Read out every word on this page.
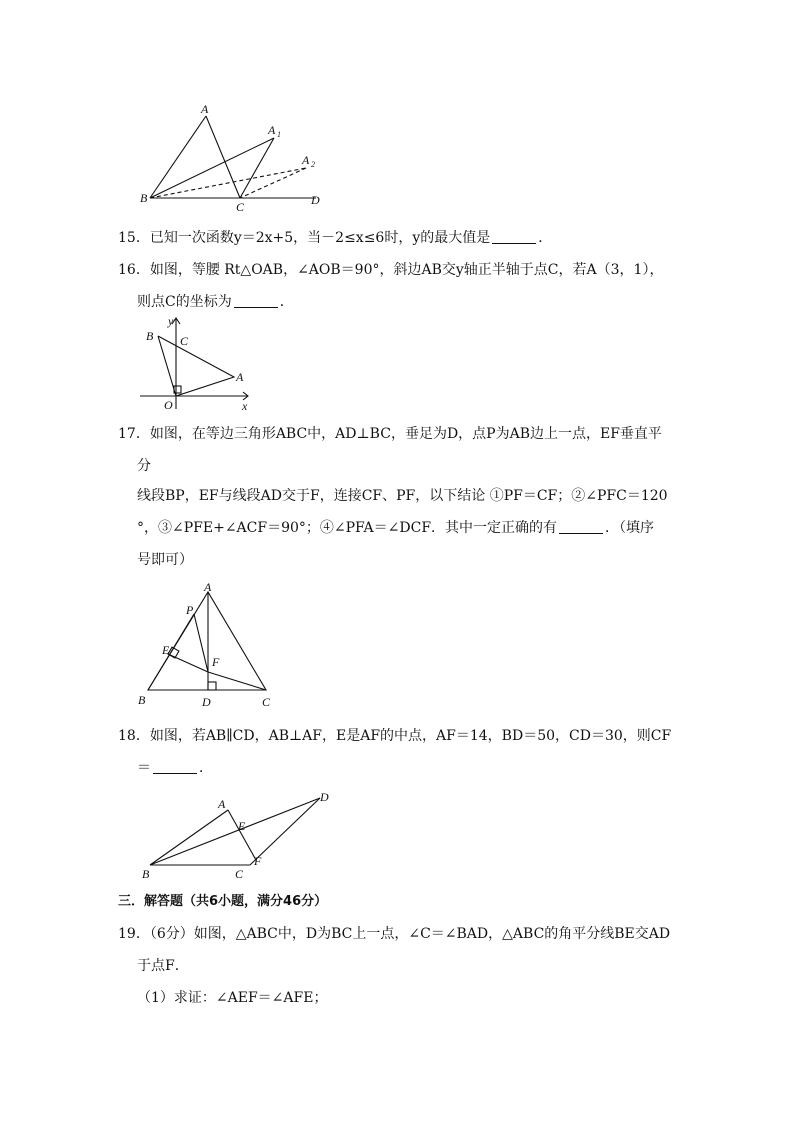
A
A 1
A 2
B
C	D
15．已知一次函数y＝2x+5，当－2≤x≤6时，y的最大值是	．
16．如图，等腰 Rt△OAB，∠AOB＝90°，斜边AB交y轴正半轴于点C，若A（3，1），
则点C的坐标为	．
y
B C
A
O	x
17．如图，在等边三角形ABC中，AD⊥BC，垂足为D，点P为AB边上一点，EF垂直平
分
线段BP，EF与线段AD交于F，连接CF、PF，以下结论 ①PF＝CF；②∠PFC＝120
°，③∠PFE+∠ACF＝90°；④∠PFA＝∠DCF．其中一定正确的有	．（填序
号即可）
A
P
E
F
B	D	C
18．如图，若AB∥CD，AB⊥AF，E是AF的中点，AF＝14，BD＝50，CD＝30，则CF
＝	．
A	D
E
F
B	C
三．解答题（共6小题，满分46分）
19．（6分）如图，△ABC中，D为BC上一点，∠C＝∠BAD，△ABC的角平分线BE交AD
于点F．
（1）求证：∠AEF＝∠AFE；
